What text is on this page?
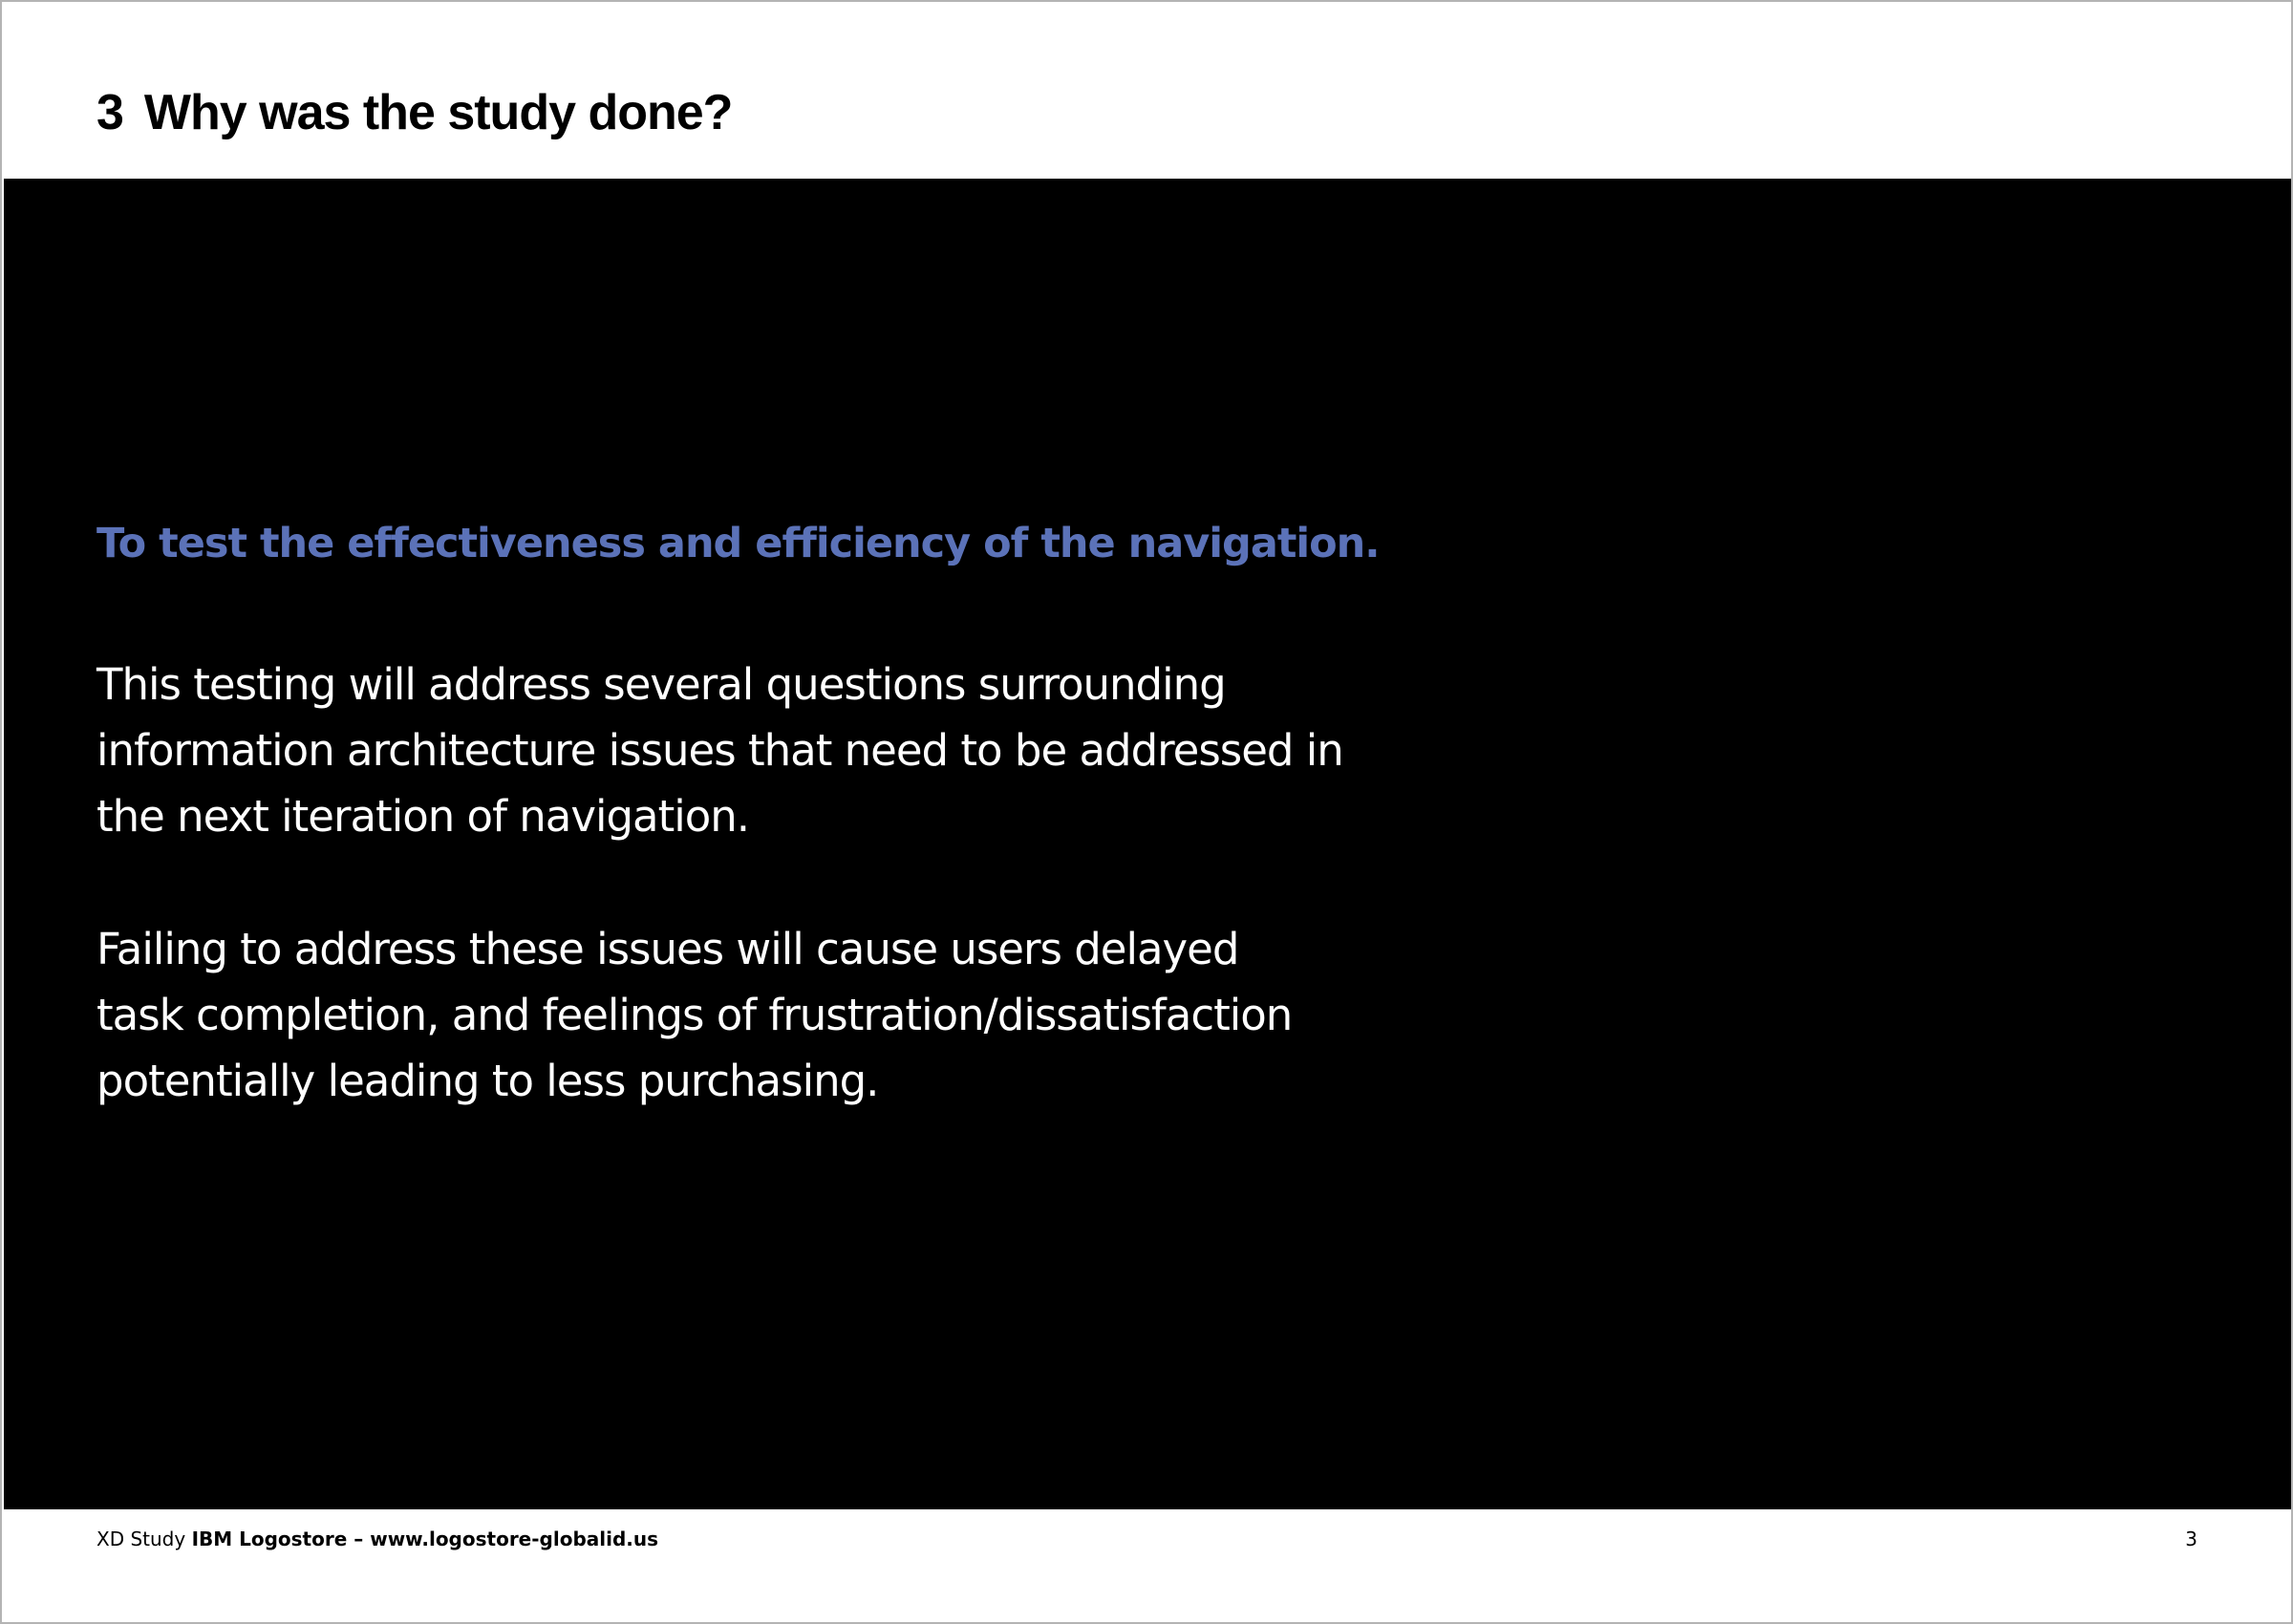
3 Why was the study done?

To test the effectiveness and efficiency of the navigation.

This testing will address several questions surrounding
information architecture issues that need to be addressed in
the next iteration of navigation.

Failing to address these issues will cause users delayed
task completion, and feelings of frustration/dissatisfaction
potentially leading to less purchasing.

XD Study IBM Logostore – www.logostore-globalid.us	3
